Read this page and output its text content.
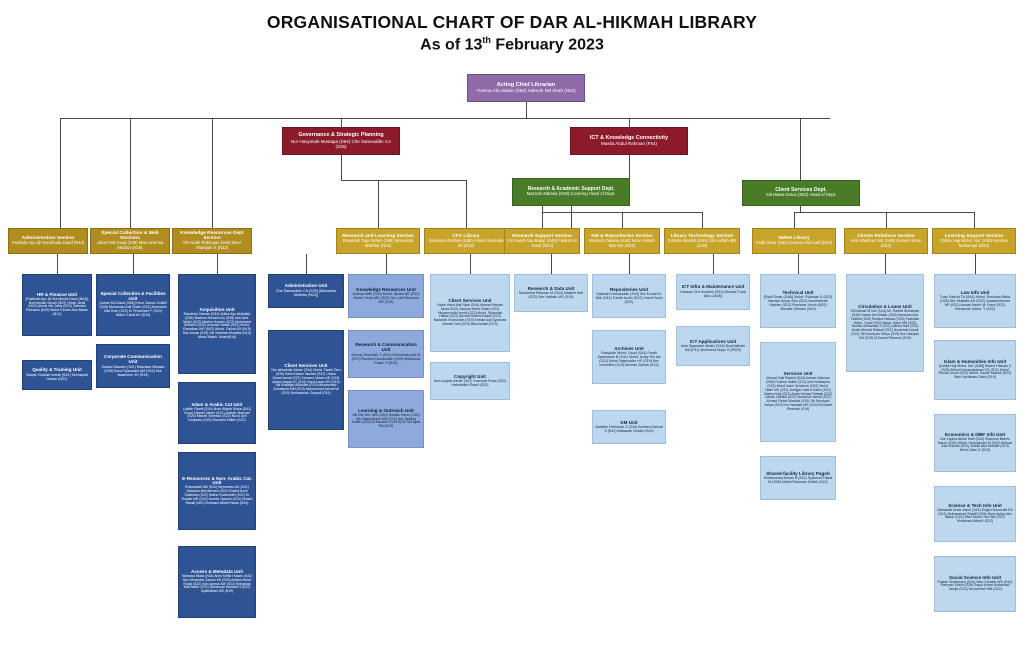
ORGANISATIONAL CHART OF DAR AL-HIKMAH LIBRARY
As of 13th February 2023
Acting Chief Librarian
Yusrina Abu Bakar (S52) Salmah Md Shah (N52)
Governance & Strategic Planning
Nor Hasyimah Mustapa (S54) Che Samsuddin CA (S26)
ICT & Knowledge Connectivity
Masita Abdul Rahman (F54)
Research & Academic Support Dept.
Maznah Zakaria (S48) Covering Head of Dept.
Client Services Dept.
Siti Hawa Darus (S52) Head of Dept.
Administration Section
Fazlinda Ayu @ Nurulhuda Daud (N44)
Special Collection & Web Sections
Juhari Md Daud (S48) Mas Azurrina Mazlan (N19)
Knowledge Resources Dept Section
Siti Aidah Rabingan (S48) Noor Sharipah K (N22)
Research and Learning Section
Rosyideh Taju Rahim (S48) Monazida Mokhtar (N22)
CFS Library
Sahaniza Ibrahim (S48) Amina Syuhada Sh (S19)
Research Support Section
Irni Izwah Abu Bakar (S48) Farikah M Yusof (N22)
KM & Repositories Section
Maznah Zakaria (S48) Noor Asmah Mat Nor (N22)
Library Technology Section
Suhaila Mardeli (S48) Siti Latifah MN (S19)
SMNA Library
Fadil Omar (S48) Zuzana Abd Latif (N22)
Clients Relations Section
Anis Shafinaz MS (S48) Zuraini Haron (S22)
Learning Support Section
Zahila Haji Mohd. Nor (S48) Noridan Mohamad (N22)
HR & Finance Unit
[Fazlinda Ayu @ Nurulhuda Daud (N44)] NorHamiah Ismail (N22) Omar Jamil (N22) Alunis Md Janis (N22) Zahratul Farhanis (N19) Mohd Faziee Abu Bakar (N14)
Quality & Training Unit
Balqis Shalrah Ismail (S41) Norhayati Hasan (N22)
Special Collection & Facilities Unit
[Juhari Md Daud (S48)] Noor Zaman Zulkifli (S26) Mohamad Adil Sudin (S22) Mozzaimi Mat Dom (S22) M Firhamzee F (S19) Mohd. Kamil AH (S19)
Corporate Communication Unit
Suhani Saorani (S41) Masrizan Miswan (S26) Nurul Syazwani AM (S22) Nur Naarneen JH (S19)
Acquisition Unit
Raudhah Osman (S44) Adina Ayu Abdullah (S26) Baderul Hisham AA (S26) Aidi Abd. Majid (S22) Marina Husain (S22) Mohamed Suhaimi (S22) Azaman Sattar (S22) Mohd. Ramdhan MR (N22) Mohd. Faizal AR (N19) Nor Anuar (S19) Siti Solehah Mustafa (S19) Abdul Malek Johari(N14)
Islam & Arabic Cat Unit
Latifah Ramli (S44) Noor Afiqah Musa (S41) Nurul Zahrah Jaheri (S41) Arifzah Manzari (S26) Misrah Seriman (S22) Nurul Aini Noryazid (S22) Rosnani Salleh (S22)
E-Resources & Non- Arabic Cat. Unit
Rosmawati MA (S44) Khyronnea AK (S41) Samsina Mohammed (S22) Khairul Azmi Sulaiman (S22) Satine Khairuddin (S22) M. Roslan MR (S22) Nuretiz Syamin (S19) Suriani Razali (N22) Norhasni Abdul Razak (N14)
Access & Metadata Unit
Norbaya Muda (S44) Ainin Soffia Husain (S41) Nor Iskhandar Zaman AR (S28) Adzlan Mohd Radzi (S22) Nor Azimah AW (S22) Rohanida Mat Bador (S22) Mohamad Hamadi H (S22) Syaifullizan MS (N19)
Administration Unit
Che Samsuddin CA (S26) [Monazida Mokhtar (N22)]
Client Services Unit
Nor Iskhandar Adnan (S44) Mohd. Fadzil Zero (S26) Saiful Nizam Nazirwi (S22) Ummu Sarah Ismail (S22) Kamarul Nizam AR (S19) Amirul Asyraf AT (S19) Nurul Izzah MN (S19) Siti Khadijah Abdullah (S19) Muhammad Zulnashria MM (S19) Muhammad Ashraf MI (S19) Nurhasimah Zuryadi (S19)
Knowledge Resources Unit
Amirah Hafli (S44) Mohd. Nizam AR (S22) Mohd. Fesly MH (S22) Nor Laili Ruzzana MZ (S19)
Research & Communication Unit
Nurusy Sharidah S (S44) Khomeidzq AA.W (S22) Rozlani Kamaluddin (S19) Mohamad Faizul H (S19)
Learning & Outreach Unit
Siti Nor Md. Idris (S44) Roslan Haron (S22) Nik Hasmahane MN (S22) Nor Sahliza Salleh (S22) M Hazarul H (S19) M Fitri Iqbal RA (S19)
Client Services Unit
Faizal Hazri Mat Rijah (S44) Ahmad Hisham Muda (S22) Zauyah Abdul Ghani (S22) Hisyamuddin Ismail (S22) Mohd. Shahrizal Hasan (S22) Ahmad Rahimi Razali (S19) Nadzirah Khairuddin (S19) Ahmad Aqil Syazwan Ahmad Yani (S19) Illika Awfiah (S19)
Copyright Unit
Anis Aziyah Azhar (S41) Yusnizar Fuad (S22) Habidellah Ramli (S22)
Research & Data Unit
Mohamed Ridzuan M (S44) Nasline Mat (S22) Nor Hafizah MS (S19)
Repositories Unit
Sakinah Kamaluddin (S44) Nur Ezzati M. Talb (S41) Faridh Azdin (S22) Yusof Husin (S22)
Archives Unit
Rasyidah Mohd. Daud (S44) Farah Syazwanie B (S41) Mohd. Azley Sin Isa (S22) Mohd Najmuddin HP (S19) Nor Inzuhilimi (S19) Aminah Zakiah (S19)
KM Unit
Norfatin Farhanah Z (S44) Ameerul Ashraf S (S41) Maisarah Nordin (S19)
ICT Infra & Maintenance Unit
Hassan Che Ibrahim (S44) Ahmad Fuad Abu (JA36)
ICT Applications Unit
Anis Syazwani Abidin (S44) Noorhafizah MA (F41) Nurhusna Idayu S (FA29)
Technical Unit
[Fadil Omar (S48)] Mohd. Ridzwan S (S22) Samsul Anuar Abu (S22) Noorhafizah Hashim (S22) Rosmiza Jusoh (N22) Munaid Othman (N19)
Services Unit
Ahmad Zaki Rashid (S44) Azman Nokman (S26) Ruslina Salleh (S22) Amir Mustapha (S22) Mohd Nazri Sulaiman (S22) Mohd. Nasri MS (S22) Zulhijjar Hadi A Halim (S22) Zaleha Had (S22) Andin Ahmad Rafaati (S22) Azhari Zaihadi (S22) Norashah Ismail (S22) Ahmad Faizal Mustafa (S19) Siti Nooriyah Yahya (S19) Nur Haziqah MS (S19) M.Daniel Riezman (S19)
Shared-facility Library Pagoh
Muhammad Aiman B (S41) Syamsul Faisal M (S26) Malek Radzuan Dollah (S22)
Circulation & Loans Unit
Siti Azizah M Nor (S44) Ab. Rashid Mohamad (S26) Hasan Abu Bakar (S26) Asmalina Aris Fatillah (S26) Roslina Hassan (S26) Fazlullah Mohd. Yusof (S22) Mohd. Nasri MN (S22) Norlian Mohamad Z (S22) Zaleha Had (S22) Andin Ahmad Rafaati (S22) Norashah Ismail (S22) Siti Nooriyah Yahya (S19) Nur Haziqah MS (S19) M.Daniel Riezman (S19)
Law Info Unit
Tuan Safa'at TA (S44) Mohd. Roshdan Baba (S26) Nor Mustafa AH (S22) Quawarizsman NR (S22) Asmat Hamit @ Yusuf (S22) Norazizan Mohd. Y (S22)
Islam & Humanities Info Unit
[Zahila Haji Mohd. Nor (S48)] Badrul Hisham Z (S26) Mohd Kamarulazizan CS (S22) Mohd Rozali Jusoh (S22) Mohd. Zazali Yaakub (S22) Wan Norfaham Zabri (S19)
Economics & IIiBF Info Unit
Nur Liyana Abdul Halil (S44) Shamsol Bahrin Haron (S26) Mohd. Hairulnizam M (S22) Ahmad Zaki Rashid (S22) Zulkifli Abd Mutalib (S19) Mohd Zaim D (S19)
Science & Tech Info Unit
Zalirawati Anita Jusoh (S44) Engku Norulzaiti EA (S41) Muhammad Shariff (S26) Noor Azlan Abu Bakar (S22) Wan Mohd. Nor WA (S22) Muhamed Afinaf'i (S22)
Social Science Info Unit
Faizah Shahbudin (S44) Wan Suhaeti WS (S44) Razman Sobhi (S26) Saupi Azran Muhamad Tamjis (S22) Nurzahirah MN (S22)
